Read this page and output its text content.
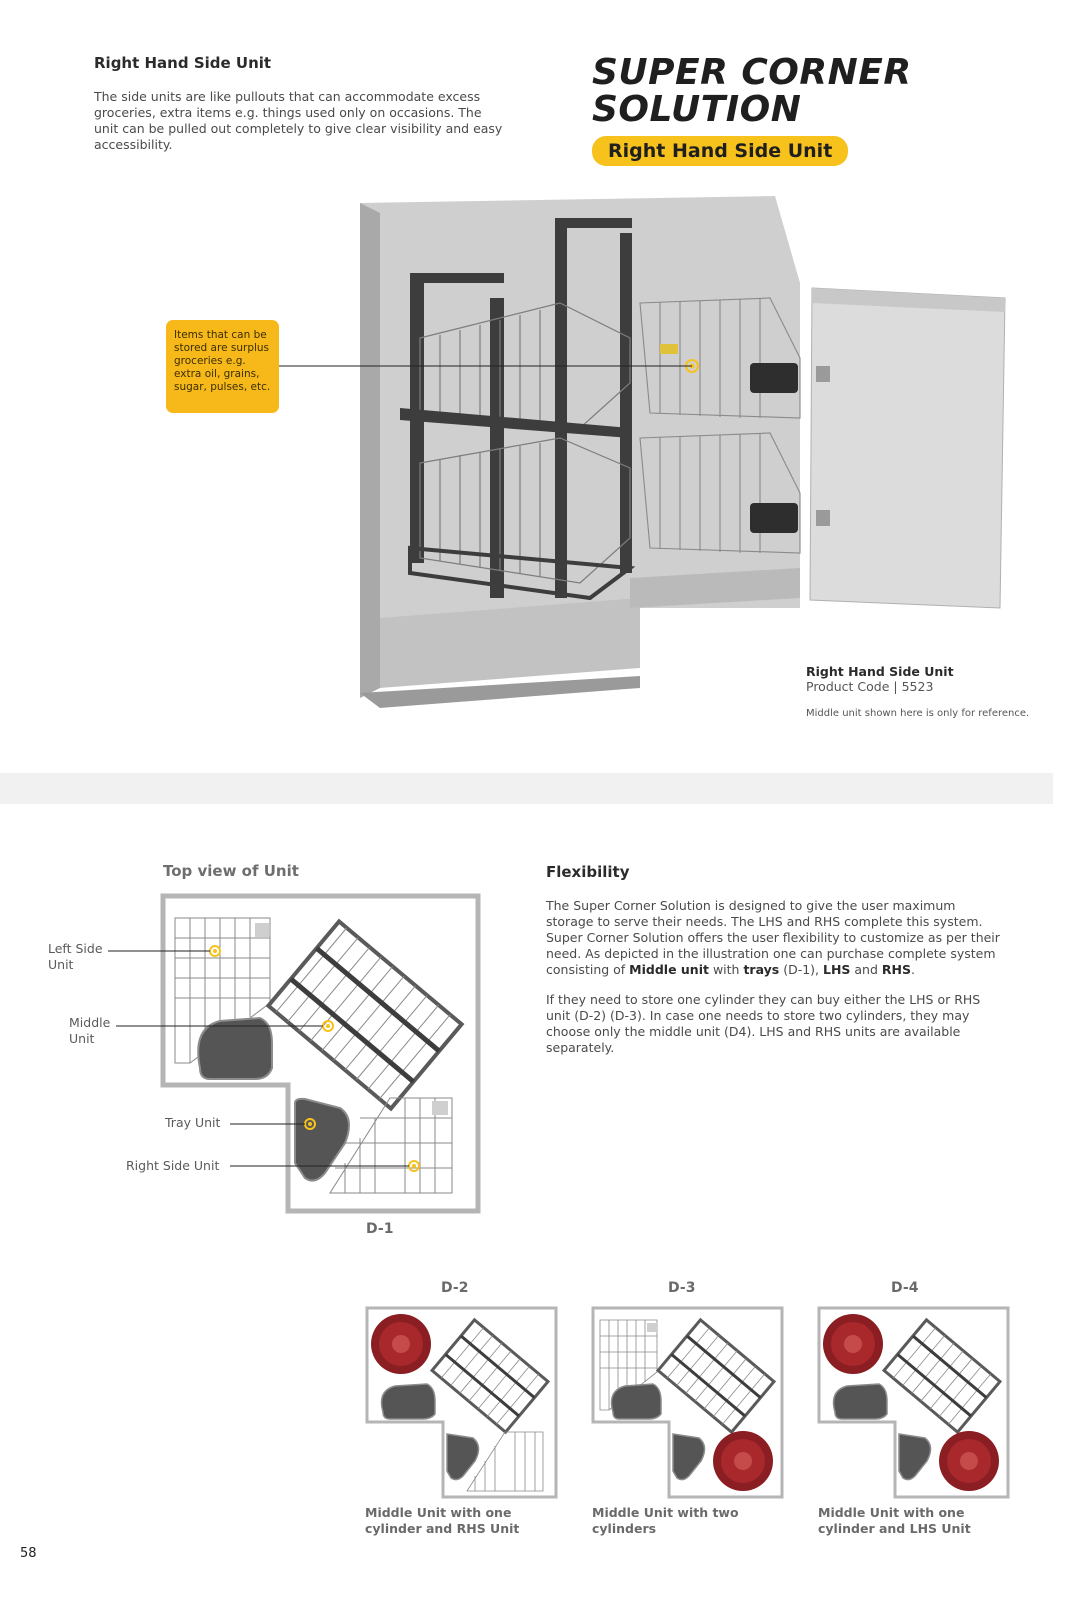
Right Hand Side Unit
The side units are like pullouts that can accommodate excess groceries, extra items e.g. things used only on occasions. The unit can be pulled out completely to give clear visibility and easy accessibility.
SUPER CORNER
SOLUTION
Right Hand Side Unit
Items that can be stored are surplus groceries e.g. extra oil, grains, sugar, pulses, etc.
Right Hand Side Unit
Product Code | 5523
Middle unit shown here is only for reference.
Top view of Unit
Left Side Unit
Middle Unit
Tray Unit
Right Side Unit
D-1
Flexibility
The Super Corner Solution is designed to give the user maximum storage to serve their needs. The LHS and RHS complete this system. Super Corner Solution offers the user flexibility to customize as per their need. As depicted in the illustration one can purchase complete system consisting of Middle unit with trays (D-1), LHS and RHS.
If they need to store one cylinder they can buy either the LHS or RHS unit (D-2) (D-3). In case one needs to store two cylinders, they may choose only the middle unit (D4). LHS and RHS units are available separately.
D-2	D-3	D-4
Middle Unit with one cylinder and RHS Unit
Middle Unit with two cylinders
Middle Unit with one cylinder and LHS Unit
58
